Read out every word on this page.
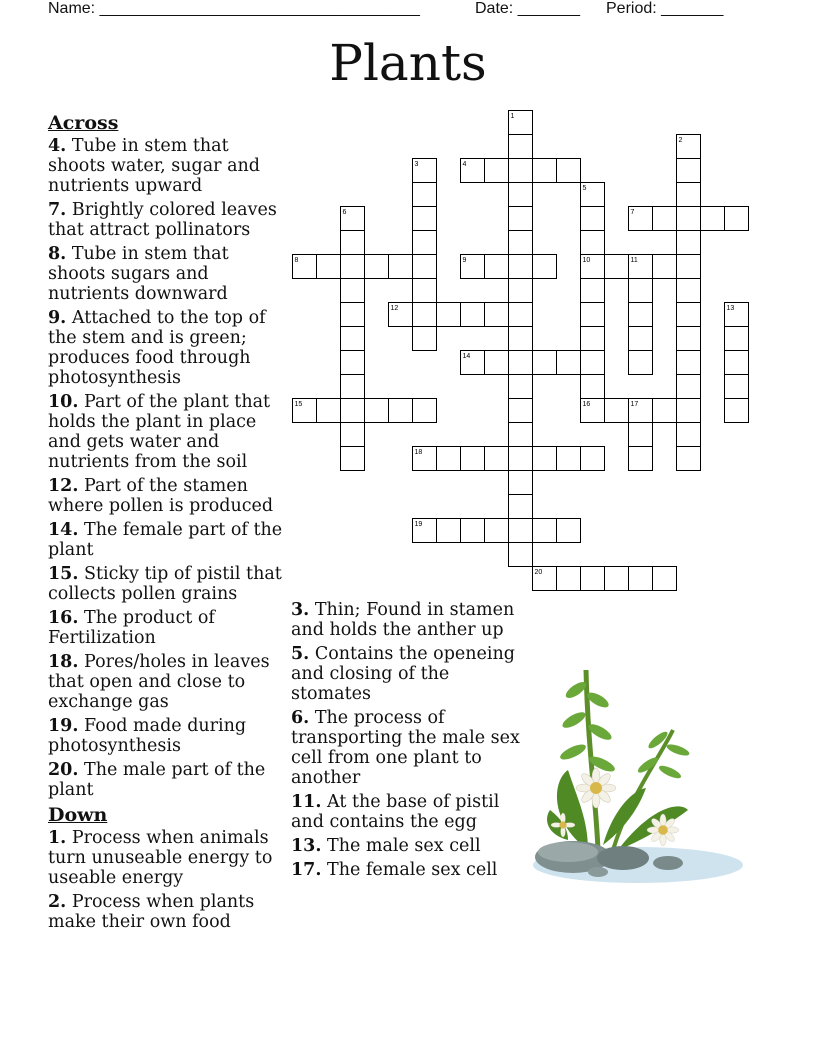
Name: ____________________________________

	Date: _______

Period: _______

Plants
Across
4. Tube in stem that shoots water, sugar and nutrients upward
7. Brightly colored leaves that attract pollinators
8. Tube in stem that shoots sugars and nutrients downward
9. Attached to the top of the stem and is green; produces food through photosynthesis
10. Part of the plant that holds the plant in place and gets water and nutrients from the soil
12. Part of the stamen where pollen is produced
14. The female part of the plant
15. Sticky tip of pistil that collects pollen grains
16. The product of Fertilization
18. Pores/holes in leaves that open and close to exchange gas
19. Food made during photosynthesis
20. The male part of the plant
Down
1. Process when animals turn unuseable energy to useable energy
2. Process when plants make their own food
3. Thin; Found in stamen and holds the anther up
5. Contains the openeing and closing of the stomates
6. The process of transporting the male sex cell from one plant to another
11. At the base of pistil and contains the egg
13. The male sex cell
17. The female sex cell
1
2
3	4
5
6	7
8	9	10	11
12	13
14
15	16	17
18
19
20
